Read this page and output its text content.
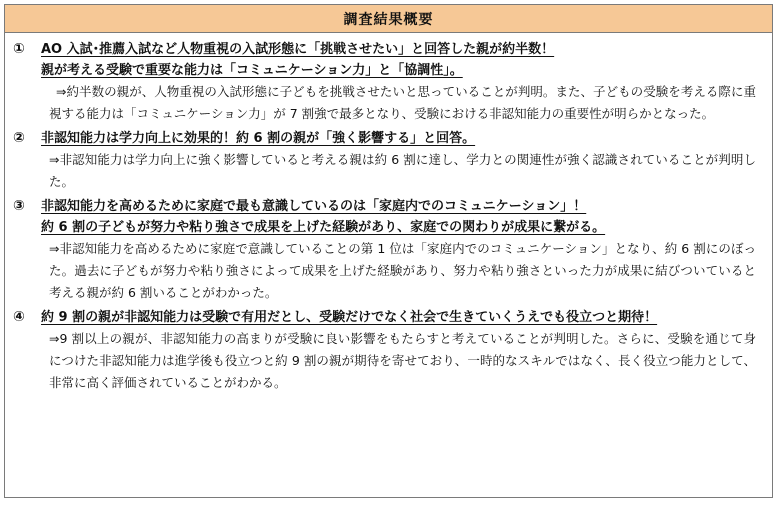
調査結果概要
①	AO 入試･推薦入試など人物重視の入試形態に「挑戦させたい」と回答した親が約半数！
親が考える受験で重要な能力は「コミュニケーション力」と「協調性」。
⇒約半数の親が、人物重視の入試形態に子どもを挑戦させたいと思っていることが判明。また、子どもの受験を考える際に重視する能力は「コミュニケーション力」が 7 割強で最多となり、受験における非認知能力の重要性が明らかとなった。
②	非認知能力は学力向上に効果的！約 6 割の親が「強く影響する」と回答。
⇒非認知能力は学力向上に強く影響していると考える親は約 6 割に達し、学力との関連性が強く認識されていることが判明した。
③	非認知能力を高めるために家庭で最も意識しているのは「家庭内でのコミュニケーション」！
約 6 割の子どもが努力や粘り強さで成果を上げた経験があり、家庭での関わりが成果に繋がる。
⇒非認知能力を高めるために家庭で意識していることの第 1 位は「家庭内でのコミュニケーション」となり、約 6 割にのぼった。過去に子どもが努力や粘り強さによって成果を上げた経験があり、努力や粘り強さといった力が成果に結びついていると考える親が約 6 割いることがわかった。
④	約 9 割の親が非認知能力は受験で有用だとし、受験だけでなく社会で生きていくうえでも役立つと期待！
⇒9 割以上の親が、非認知能力の高まりが受験に良い影響をもたらすと考えていることが判明した。さらに、受験を通じて身につけた非認知能力は進学後も役立つと約 9 割の親が期待を寄せており、一時的なスキルではなく、長く役立つ能力として、非常に高く評価されていることがわかる。
